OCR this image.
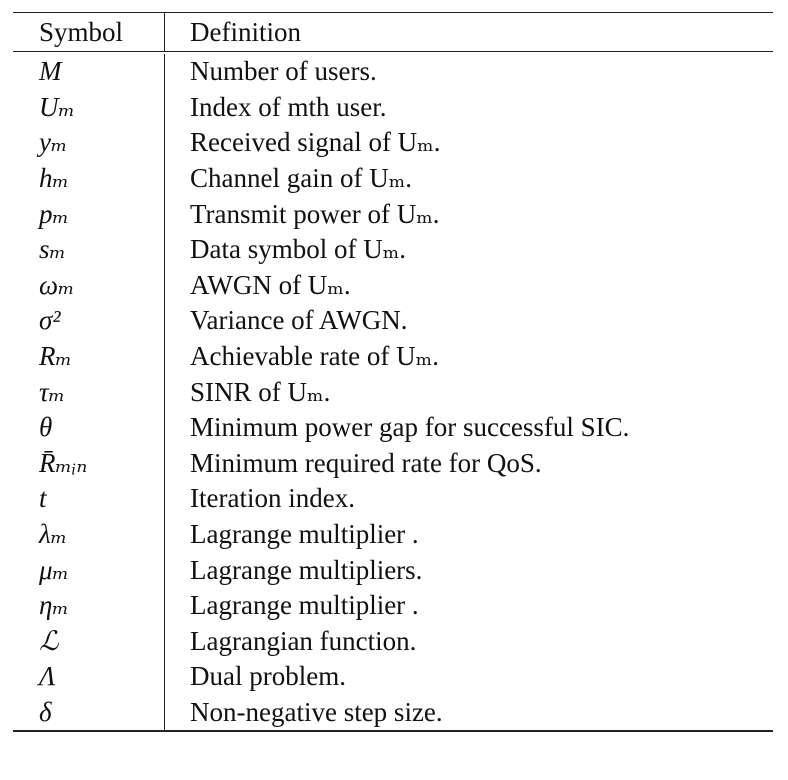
Symbol	Definition
M	Number of users.
Uₘ	Index of mth user.
yₘ	Received signal of Uₘ.
hₘ	Channel gain of Uₘ.
pₘ	Transmit power of Uₘ.
sₘ	Data symbol of Uₘ.
ωₘ	AWGN of Uₘ.
σ²	Variance of AWGN.
Rₘ	Achievable rate of Uₘ.
τₘ	SINR of Uₘ.
θ	Minimum power gap for successful SIC.
R̄ₘᵢₙ	Minimum required rate for QoS.
t	Iteration index.
λₘ	Lagrange multiplier .
μₘ	Lagrange multipliers.
ηₘ	Lagrange multiplier .
ℒ	Lagrangian function.
Λ	Dual problem.
δ	Non-negative step size.
